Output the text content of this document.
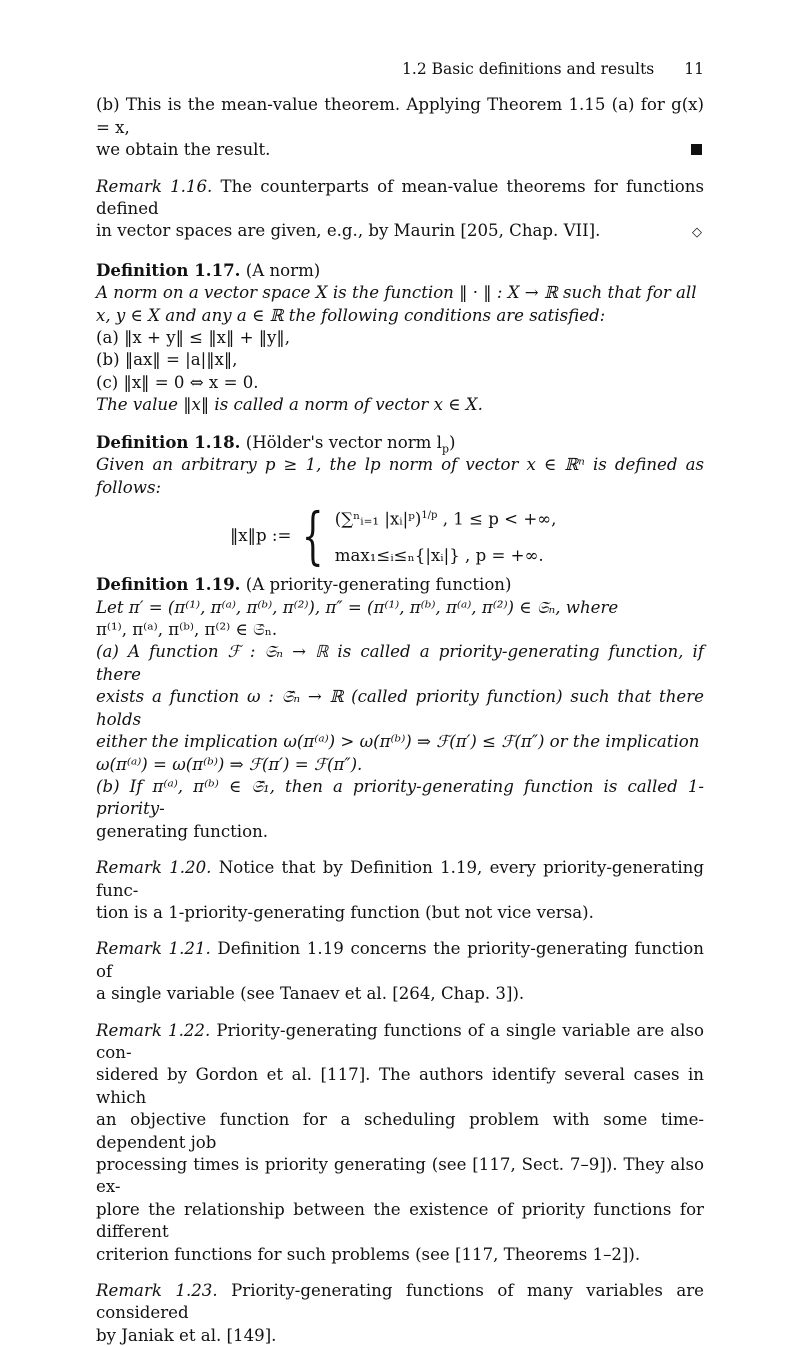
1.2 Basic definitions and results 11

(b) This is the mean-value theorem. Applying Theorem 1.15 (a) for g(x) = x,
we obtain the result.

Remark 1.16. The counterparts of mean-value theorems for functions defined
in vector spaces are given, e.g., by Maurin [205, Chap. VII].	◇

Definition 1.17. (A norm)
A norm on a vector space X is the function ‖ · ‖ : X → ℝ such that for all
x, y ∈ X and any a ∈ ℝ the following conditions are satisfied:
(a) ‖x + y‖ ≤ ‖x‖ + ‖y‖,
(b) ‖ax‖ = |a|‖x‖,
(c) ‖x‖ = 0 ⇔ x = 0.
The value ‖x‖ is called a norm of vector x ∈ X.

Definition 1.18. (Hölder's vector norm $l_p$)
Given an arbitrary p ≥ 1, the lp norm of vector x ∈ ℝⁿ is defined as follows:

‖x‖p := { (∑ⁿᵢ₌₁ |xᵢ|ᵖ)$^{1/p}$ , 1 ≤ p < +∞,
max₁≤ᵢ≤ₙ{|xᵢ|} , p = +∞.

Definition 1.19. (A priority-generating function)
Let π′ = (π⁽¹⁾, π⁽ᵃ⁾, π⁽ᵇ⁾, π⁽²⁾), π″ = (π⁽¹⁾, π⁽ᵇ⁾, π⁽ᵃ⁾, π⁽²⁾) ∈ 𝔖ₙ, where
π⁽¹⁾, π⁽ᵃ⁾, π⁽ᵇ⁾, π⁽²⁾ ∈ 𝔖̂ₙ.
(a) A function ℱ : 𝔖ₙ → ℝ is called a priority-generating function, if there
exists a function ω : 𝔖̂ₙ → ℝ (called priority function) such that there holds
either the implication ω(π⁽ᵃ⁾) > ω(π⁽ᵇ⁾) ⇒ ℱ(π′) ≤ ℱ(π″) or the implication
ω(π⁽ᵃ⁾) = ω(π⁽ᵇ⁾) ⇒ ℱ(π′) = ℱ(π″).
(b) If π⁽ᵃ⁾, π⁽ᵇ⁾ ∈ 𝔖̂₁, then a priority-generating function is called 1-priority-
generating function.

Remark 1.20. Notice that by Definition 1.19, every priority-generating func-
tion is a 1-priority-generating function (but not vice versa).

Remark 1.21. Definition 1.19 concerns the priority-generating function of
a single variable (see Tanaev et al. [264, Chap. 3]).

Remark 1.22. Priority-generating functions of a single variable are also con-
sidered by Gordon et al. [117]. The authors identify several cases in which
an objective function for a scheduling problem with some time-dependent job
processing times is priority generating (see [117, Sect. 7–9]). They also ex-
plore the relationship between the existence of priority functions for different
criterion functions for such problems (see [117, Theorems 1–2]).

Remark 1.23. Priority-generating functions of many variables are considered
by Janiak et al. [149].
